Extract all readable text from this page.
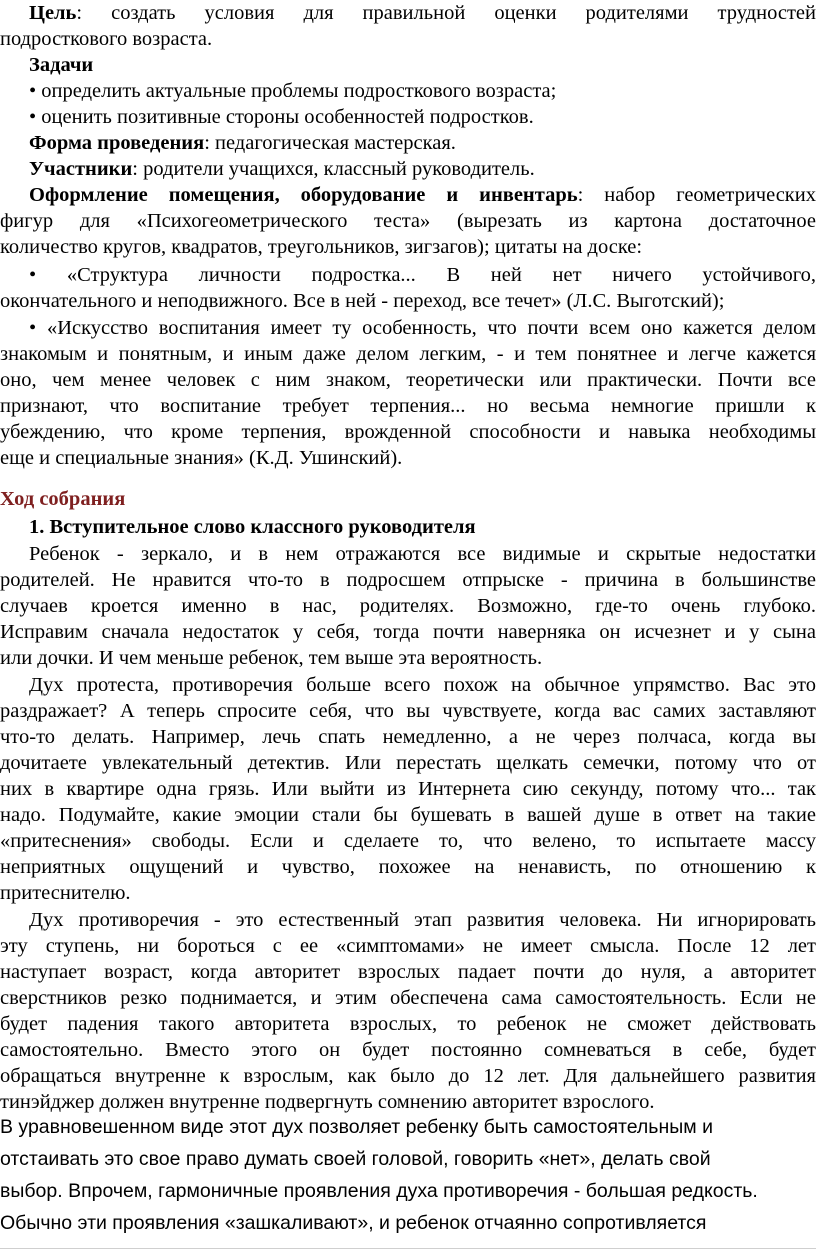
Цель: создать условия для правильной оценки родителями трудностей

подросткового возраста.

Задачи

• определить актуальные проблемы подросткового возраста;

• оценить позитивные стороны особенностей подростков.

Форма проведения: педагогическая мастерская.

Участники: родители учащихся, классный руководитель.

Оформление помещения, оборудование и инвентарь: набор геометрических

фигур для «Психогеометрического теста» (вырезать из картона достаточное

количество кругов, квадратов, треугольников, зигзагов); цитаты на доске:

• «Структура личности подростка... В ней нет ничего устойчивого,

окончательного и неподвижного. Все в ней - переход, все течет» (Л.С. Выготский);

• «Искусство воспитания имеет ту особенность, что почти всем оно кажется делом

знакомым и понятным, и иным даже делом легким, - и тем понятнее и легче кажется

оно, чем менее человек с ним знаком, теоретически или практически. Почти все

признают, что воспитание требует терпения... но весьма немногие пришли к

убеждению, что кроме терпения, врожденной способности и навыка необходимы

еще и специальные знания» (К.Д. Ушинский).

Ход собрания

1. Вступительное слово классного руководителя

Ребенок - зеркало, и в нем отражаются все видимые и скрытые недостатки

родителей. Не нравится что-то в подросшем отпрыске - причина в большинстве

случаев кроется именно в нас, родителях. Возможно, где-то очень глубоко.

Исправим сначала недостаток у себя, тогда почти наверняка он исчезнет и у сына

или дочки. И чем меньше ребенок, тем выше эта вероятность.

Дух протеста, противоречия больше всего похож на обычное упрямство. Вас это

раздражает? А теперь спросите себя, что вы чувствуете, когда вас самих заставляют

что-то делать. Например, лечь спать немедленно, а не через полчаса, когда вы

дочитаете увлекательный детектив. Или перестать щелкать семечки, потому что от

них в квартире одна грязь. Или выйти из Интернета сию секунду, потому что... так

надо. Подумайте, какие эмоции стали бы бушевать в вашей душе в ответ на такие

«притеснения» свободы. Если и сделаете то, что велено, то испытаете массу

неприятных ощущений и чувство, похожее на ненависть, по отношению к

притеснителю.

Дух противоречия - это естественный этап развития человека. Ни игнорировать

эту ступень, ни бороться с ее «симптомами» не имеет смысла. После 12 лет

наступает возраст, когда авторитет взрослых падает почти до нуля, а авторитет

сверстников резко поднимается, и этим обеспечена сама самостоятельность. Если не

будет падения такого авторитета взрослых, то ребенок не сможет действовать

самостоятельно. Вместо этого он будет постоянно сомневаться в себе, будет

обращаться внутренне к взрослым, как было до 12 лет. Для дальнейшего развития

тинэйджер должен внутренне подвергнуть сомнению авторитет взрослого.

В уравновешенном виде этот дух позволяет ребенку быть самостоятельным и

отстаивать это свое право думать своей головой, говорить «нет», делать свой

выбор. Впрочем, гармоничные проявления духа противоречия - большая редкость.

Обычно эти проявления «зашкаливают», и ребенок отчаянно сопротивляется
